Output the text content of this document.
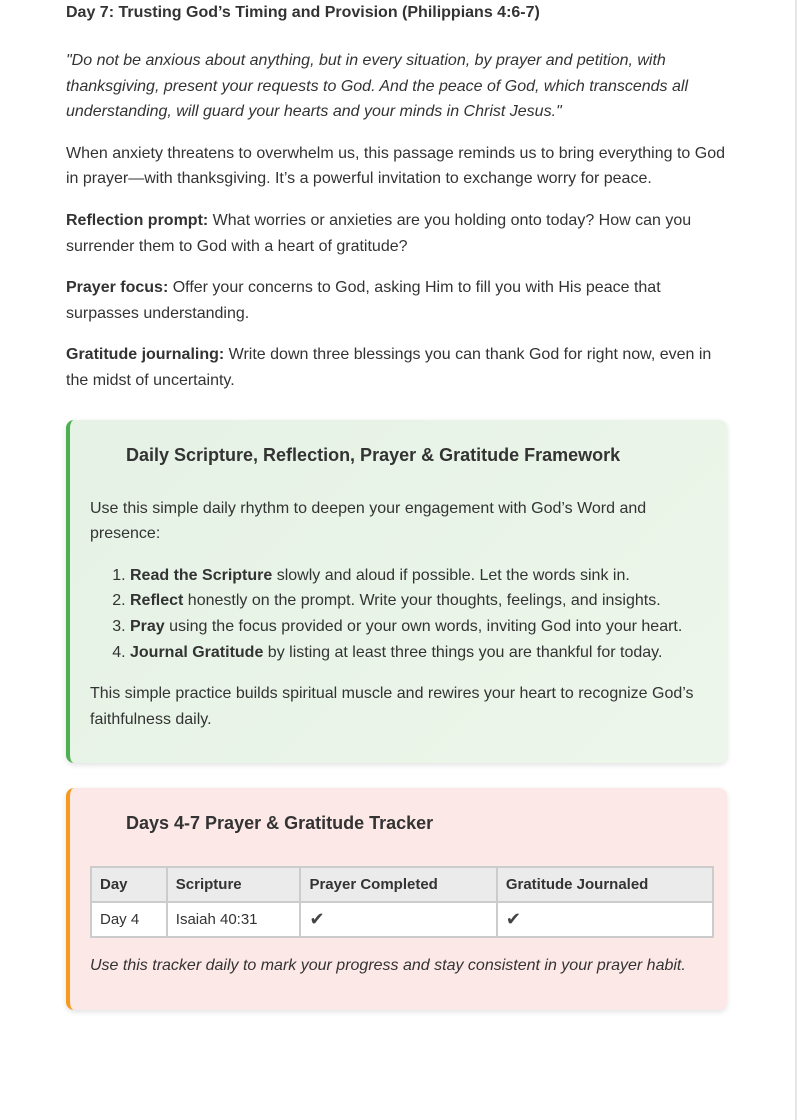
Day 7: Trusting God’s Timing and Provision (Philippians 4:6-7)

"Do not be anxious about anything, but in every situation, by prayer and petition, with thanksgiving, present your requests to God. And the peace of God, which transcends all understanding, will guard your hearts and your minds in Christ Jesus."

When anxiety threatens to overwhelm us, this passage reminds us to bring everything to God in prayer—with thanksgiving. It’s a powerful invitation to exchange worry for peace.

Reflection prompt: What worries or anxieties are you holding onto today? How can you surrender them to God with a heart of gratitude?

Prayer focus: Offer your concerns to God, asking Him to fill you with His peace that surpasses understanding.

Gratitude journaling: Write down three blessings you can thank God for right now, even in the midst of uncertainty.

Daily Scripture, Reflection, Prayer & Gratitude Framework

Use this simple daily rhythm to deepen your engagement with God’s Word and presence:

1. Read the Scripture slowly and aloud if possible. Let the words sink in.
2. Reflect honestly on the prompt. Write your thoughts, feelings, and insights.
3. Pray using the focus provided or your own words, inviting God into your heart.
4. Journal Gratitude by listing at least three things you are thankful for today.

This simple practice builds spiritual muscle and rewires your heart to recognize God’s faithfulness daily.

Days 4-7 Prayer & Gratitude Tracker
Day	Scripture	Prayer Completed	Gratitude Journaled
Day 4	Isaiah 40:31	✔	✔

Use this tracker daily to mark your progress and stay consistent in your prayer habit.
